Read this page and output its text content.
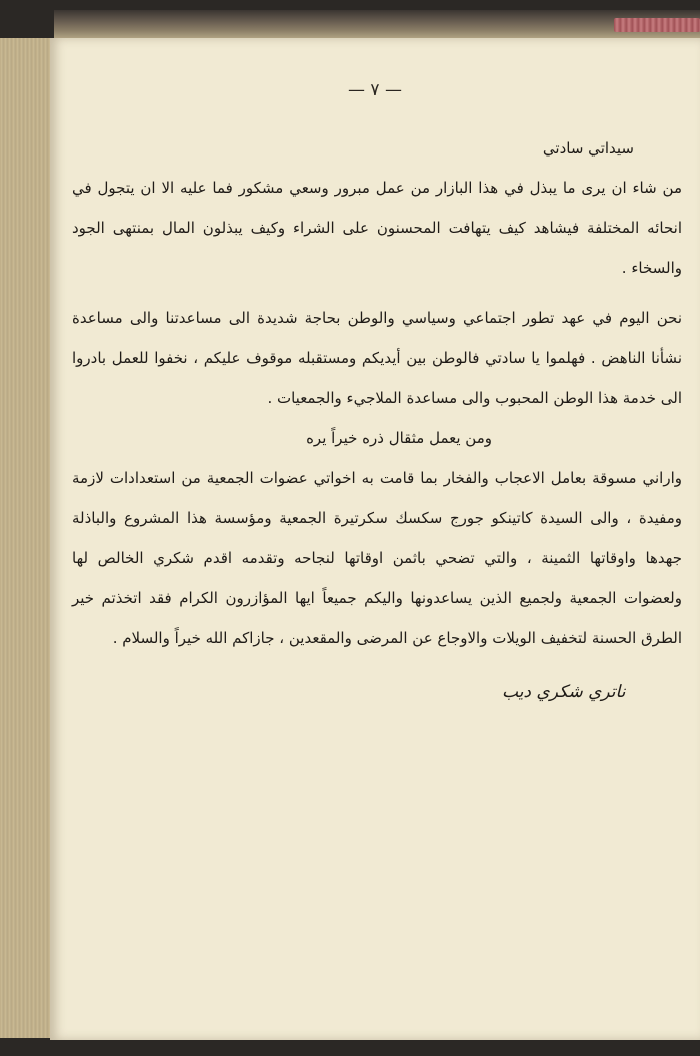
— ٧ —

سيداتي سادتي

من شاء ان يرى ما يبذل في هذا البازار من عمل مبرور وسعي مشكور فما عليه الا ان يتجول في انحائه المختلفة فيشاهد كيف يتهافت المحسنون على الشراء وكيف يبذلون المال بمنتهى الجود والسخاء .

نحن اليوم في عهد تطور اجتماعي وسياسي والوطن بحاجة شديدة الى مساعدتنا والى مساعدة نشأنا الناهض . فهلموا يا سادتي فالوطن بين أيديكم ومستقبله موقوف عليكم ، نخفوا للعمل بادروا الى خدمة هذا الوطن المحبوب والى مساعدة الملاجيء والجمعيات .

ومن يعمل مثقال ذره خيراً يره

واراني مسوقة بعامل الاعجاب والفخار بما قامت به اخواتي عضوات الجمعية من استعدادات لازمة ومفيدة ، والى السيدة كاتينكو جورج سكسك سكرتيرة الجمعية ومؤسسة هذا المشروع والباذلة جهدها واوقاتها الثمينة ، والتي تضحي باثمن اوقاتها لنجاحه وتقدمه اقدم شكري الخالص لها ولعضوات الجمعية ولجميع الذين يساعدونها واليكم جميعاً ايها المؤازرون الكرام فقد اتخذتم خير الطرق الحسنة لتخفيف الويلات والاوجاع عن المرضى والمقعدين ، جازاكم الله خيراً والسلام .

ناتري شكري ديب
